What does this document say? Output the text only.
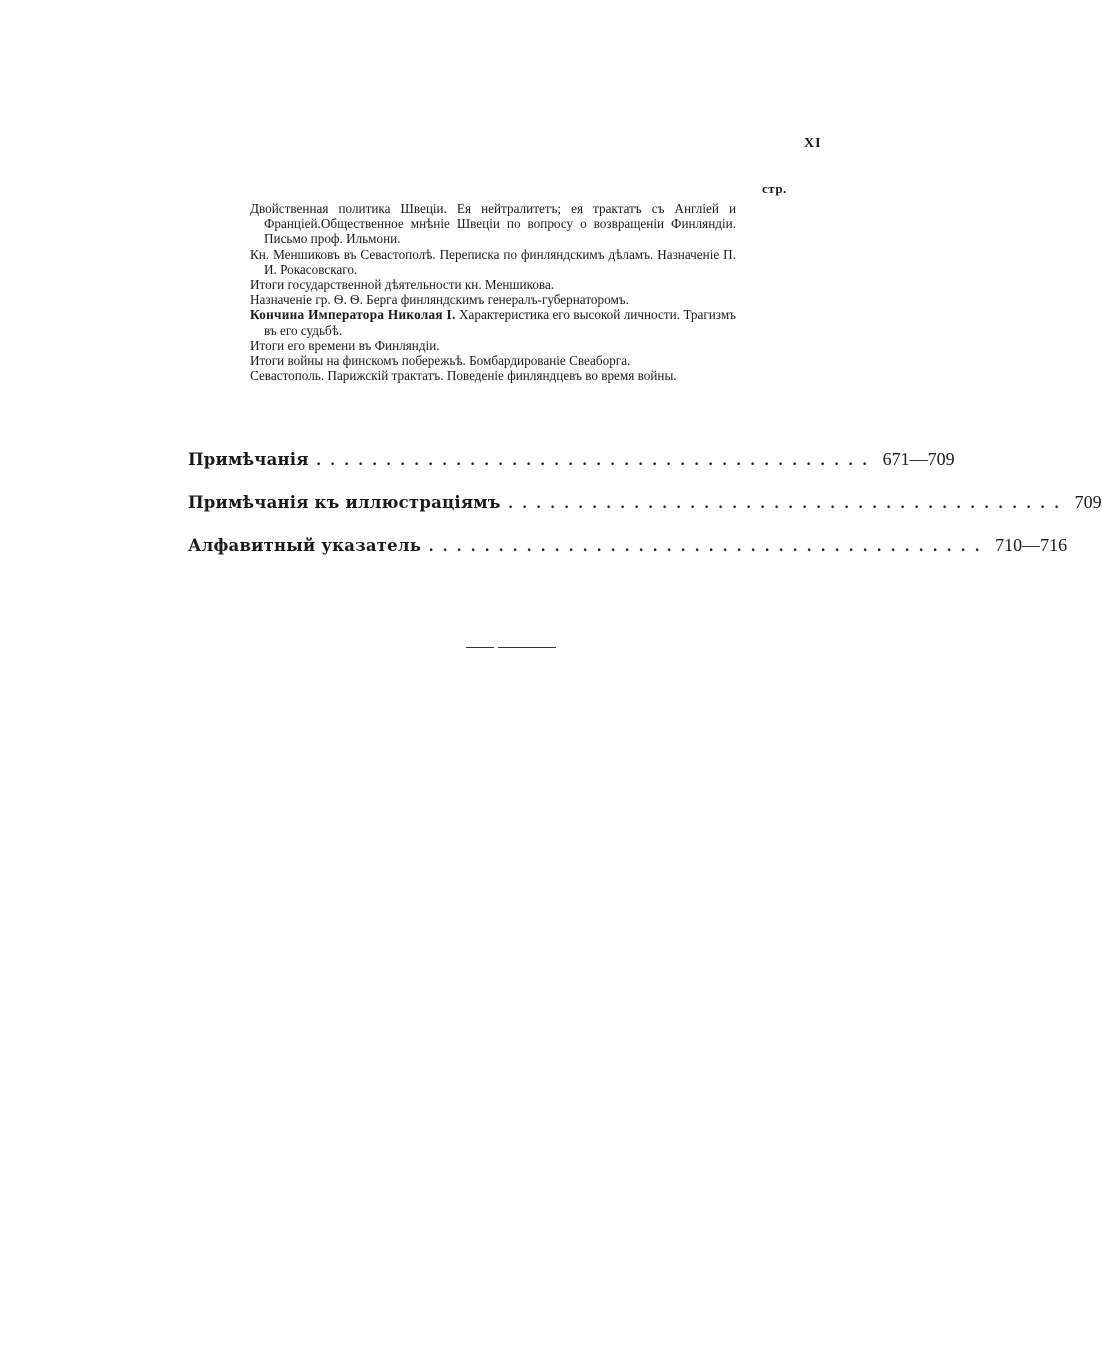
XI
стр.

Двойственная политика Швеціи. Ея нейтралитетъ; ея трактатъ съ Англіей и Франціей.Общественное мнѣніе Швеціи по вопросу о возвращеніи Финляндіи. Письмо проф. Ильмони.

Кн. Меншиковъ въ Севастополѣ. Переписка по финляндскимъ дѣламъ. Назначеніе П. И. Рокасовскаго.

Итоги государственной дѣятельности кн. Меншикова.

Назначеніе гр. Ѳ. Ѳ. Берга финляндскимъ генералъ-губернаторомъ.

Кончина Императора Николая I. Характеристика его высокой личности. Трагизмъ въ его судьбѣ.

Итоги его времени въ Финляндіи.

Итоги войны на финскомъ побережьѣ. Бомбардированіе Свеаборга.

Севастополь. Парижскій трактатъ. Поведеніе финляндцевъ во время войны.

Примѣчанія ........................................ 671—709
Примѣчанія къ иллюстраціямъ ........................................ 709
Алфавитный указатель ........................................ 710—716
